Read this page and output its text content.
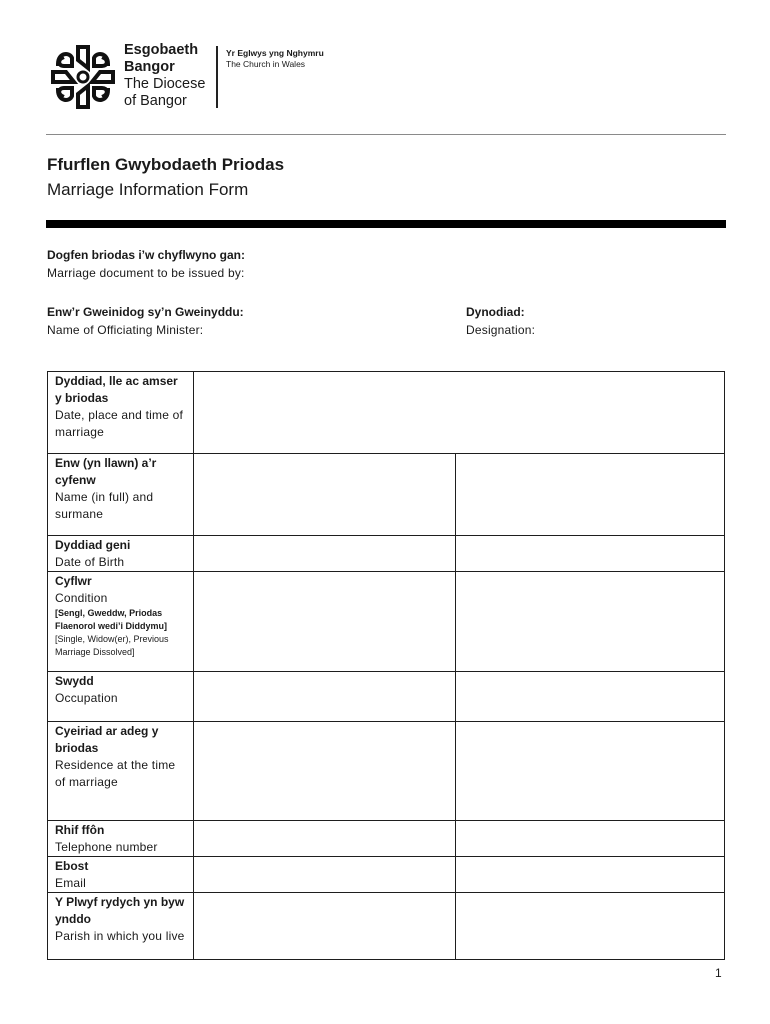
Esgobaeth
Bangor
The Diocese
of Bangor
Yr Eglwys yng Nghymru
The Church in Wales
Ffurflen Gwybodaeth Priodas
Marriage Information Form
Dogfen briodas i’w chyflwyno gan:
Marriage document to be issued by:
Enw’r Gweinidog sy’n Gweinyddu:
Name of Officiating Minister:
Dynodiad:
Designation:
Dyddiad, lle ac amser y briodas
Date, place and time of marriage		

Enw (yn llawn) a’r cyfenw
Name (in full) and surmane		

Dyddiad geni
Date of Birth		

Cyflwr
Condition
[Sengl, Gweddw, Priodas Flaenorol wedi’i Diddymu]
[Single, Widow(er), Previous Marriage Dissolved]		

Swydd
Occupation		

Cyeiriad ar adeg y briodas
Residence at the time of marriage		

Rhif ffôn
Telephone number		

Ebost
Email		

Y Plwyf rydych yn byw ynddo
Parish in which you live		

1
